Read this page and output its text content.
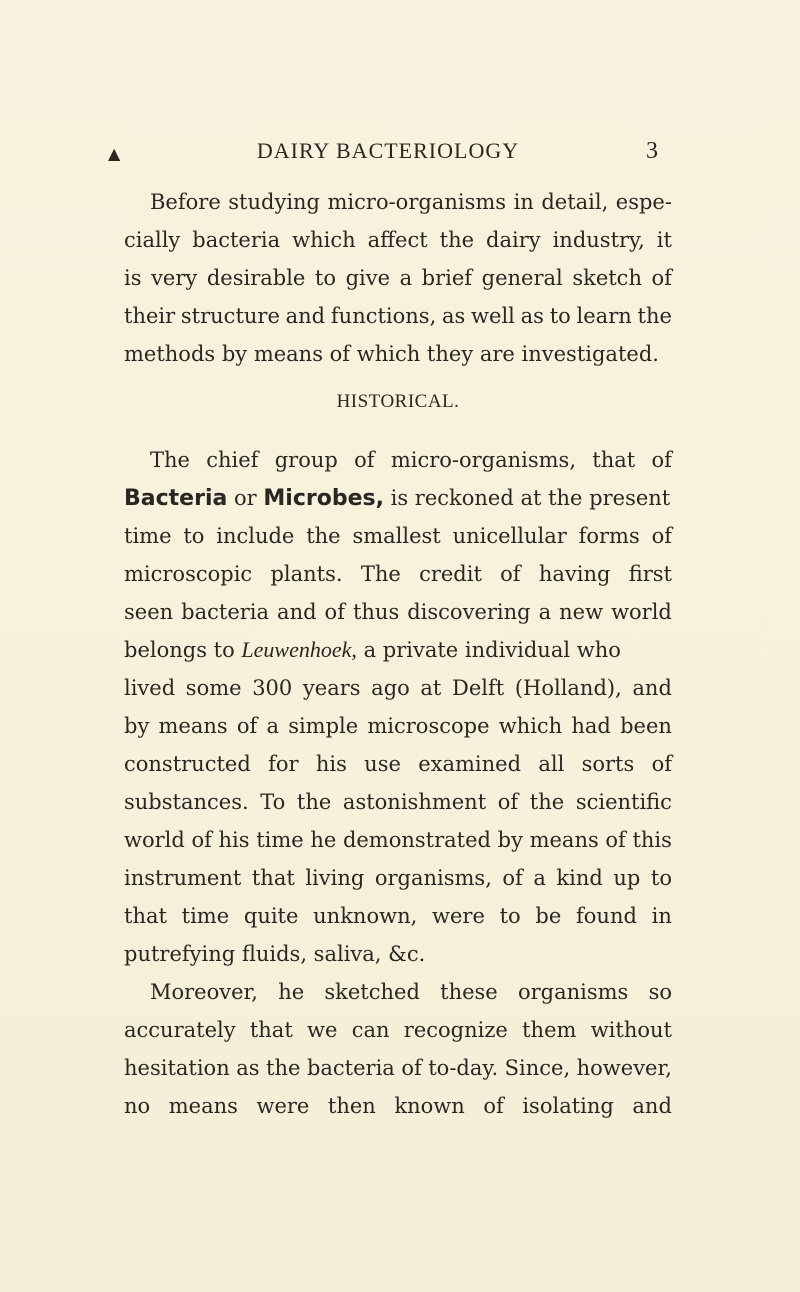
▲	DAIRY BACTERIOLOGY	3
Before studying micro-organisms in detail, espe-
cially bacteria which affect the dairy industry, it
is very desirable to give a brief general sketch of
their structure and functions, as well as to learn the
methods by means of which they are investigated.
HISTORICAL.
The chief group of micro-organisms, that of
Bacteria or Microbes, is reckoned at the present
time to include the smallest unicellular forms of
microscopic plants. The credit of having first
seen bacteria and of thus discovering a new world
belongs to Leuwenhoek, a private individual who
lived some 300 years ago at Delft (Holland), and
by means of a simple microscope which had been
constructed for his use examined all sorts of
substances. To the astonishment of the scientific
world of his time he demonstrated by means of this
instrument that living organisms, of a kind up to
that time quite unknown, were to be found in
putrefying fluids, saliva, &c.
Moreover, he sketched these organisms so
accurately that we can recognize them without
hesitation as the bacteria of to-day. Since, however,
no means were then known of isolating and
